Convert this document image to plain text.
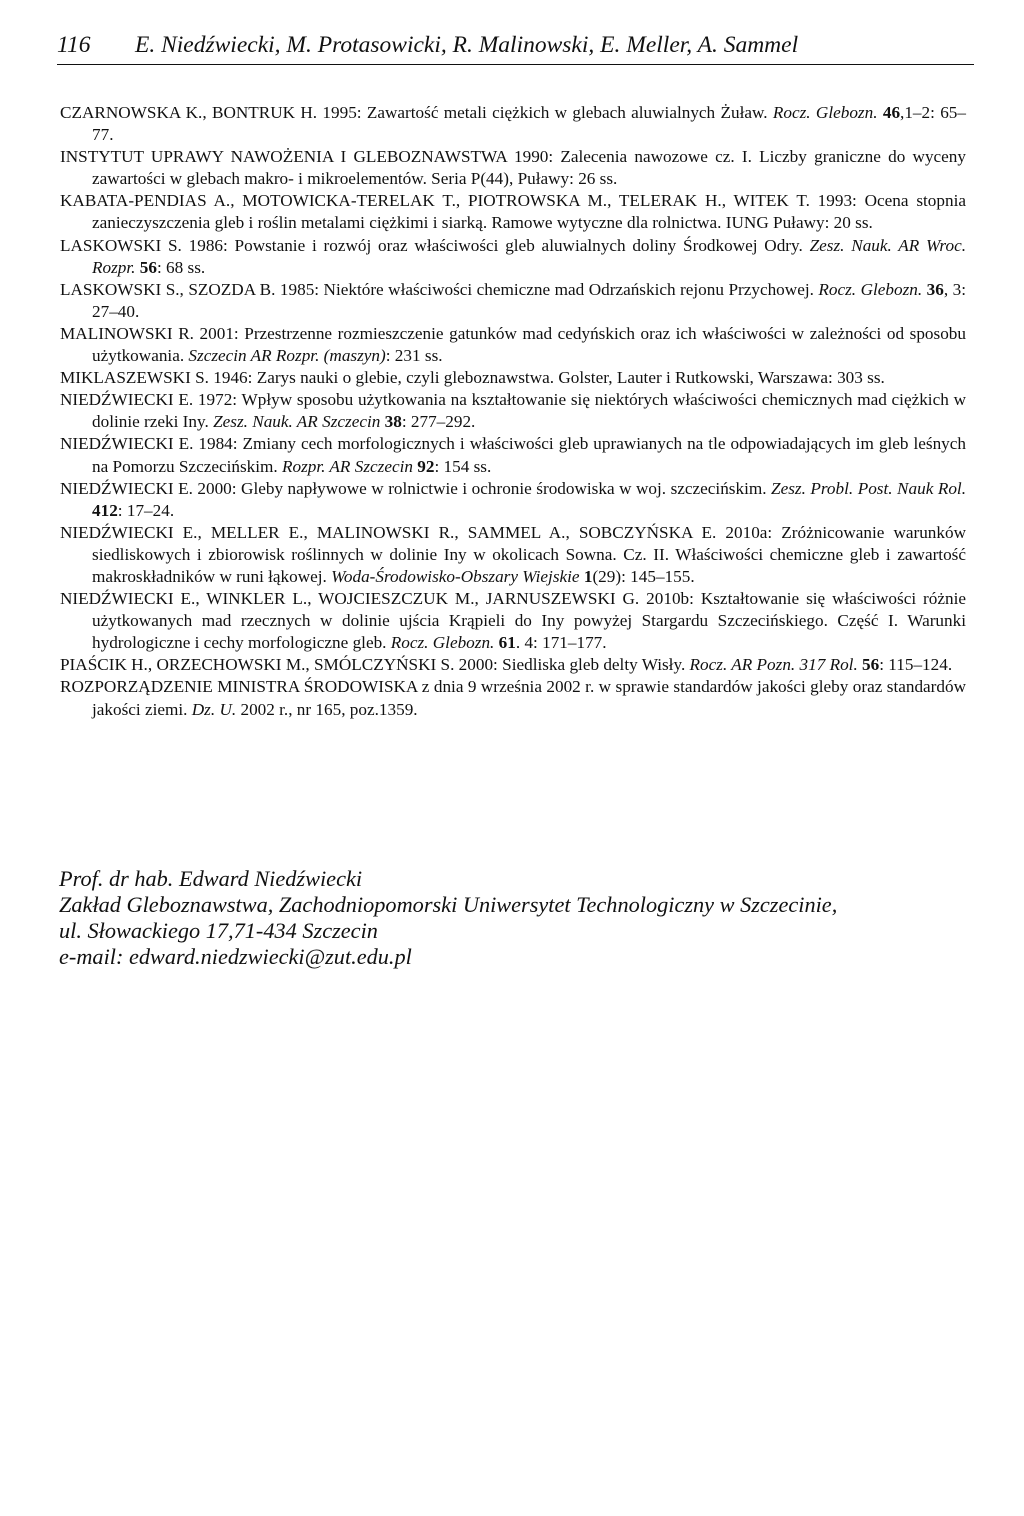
116 E. Niedźwiecki, M. Protasowicki, R. Malinowski, E. Meller, A. Sammel

CZARNOWSKA K., BONTRUK H. 1995: Zawartość metali ciężkich w glebach aluwialnych Żuław. Rocz. Glebozn. 46,1–2: 65–77.

INSTYTUT UPRAWY NAWOŻENIA I GLEBOZNAWSTWA 1990: Zalecenia nawozowe cz. I. Liczby graniczne do wyceny zawartości w glebach makro- i mikroelementów. Seria P(44), Puławy: 26 ss.

KABATA-PENDIAS A., MOTOWICKA-TERELAK T., PIOTROWSKA M., TELERAK H., WITEK T. 1993: Ocena stopnia zanieczyszczenia gleb i roślin metalami ciężkimi i siarką. Ramowe wytyczne dla rolnictwa. IUNG Puławy: 20 ss.

LASKOWSKI S. 1986: Powstanie i rozwój oraz właściwości gleb aluwialnych doliny Środkowej Odry. Zesz. Nauk. AR Wroc. Rozpr. 56: 68 ss.

LASKOWSKI S., SZOZDA B. 1985: Niektóre właściwości chemiczne mad Odrzańskich rejonu Przychowej. Rocz. Glebozn. 36, 3: 27–40.

MALINOWSKI R. 2001: Przestrzenne rozmieszczenie gatunków mad cedyńskich oraz ich właściwości w zależności od sposobu użytkowania. Szczecin AR Rozpr. (maszyn): 231 ss.

MIKLASZEWSKI S. 1946: Zarys nauki o glebie, czyli gleboznawstwa. Golster, Lauter i Rutkowski, Warszawa: 303 ss.

NIEDŹWIECKI E. 1972: Wpływ sposobu użytkowania na kształtowanie się niektórych właściwości chemicznych mad ciężkich w dolinie rzeki Iny. Zesz. Nauk. AR Szczecin 38: 277–292.

NIEDŹWIECKI E. 1984: Zmiany cech morfologicznych i właściwości gleb uprawianych na tle odpowiadających im gleb leśnych na Pomorzu Szczecińskim. Rozpr. AR Szczecin 92: 154 ss.

NIEDŹWIECKI E. 2000: Gleby napływowe w rolnictwie i ochronie środowiska w woj. szczecińskim. Zesz. Probl. Post. Nauk Rol. 412: 17–24.

NIEDŹWIECKI E., MELLER E., MALINOWSKI R., SAMMEL A., SOBCZYŃSKA E. 2010a: Zróżnicowanie warunków siedliskowych i zbiorowisk roślinnych w dolinie Iny w okolicach Sowna. Cz. II. Właściwości chemiczne gleb i zawartość makroskładników w runi łąkowej. Woda-Środowisko-Obszary Wiejskie 1(29): 145–155.

NIEDŹWIECKI E., WINKLER L., WOJCIESZCZUK M., JARNUSZEWSKI G. 2010b: Kształtowanie się właściwości różnie użytkowanych mad rzecznych w dolinie ujścia Krąpieli do Iny powyżej Stargardu Szczecińskiego. Część I. Warunki hydrologiczne i cechy morfologiczne gleb. Rocz. Glebozn. 61. 4: 171–177.

PIAŚCIK H., ORZECHOWSKI M., SMÓLCZYŃSKI S. 2000: Siedliska gleb delty Wisły. Rocz. AR Pozn. 317 Rol. 56: 115–124.

ROZPORZĄDZENIE MINISTRA ŚRODOWISKA z dnia 9 września 2002 r. w sprawie standardów jakości gleby oraz standardów jakości ziemi. Dz. U. 2002 r., nr 165, poz.1359.

Prof. dr hab. Edward Niedźwiecki
Zakład Gleboznawstwa, Zachodniopomorski Uniwersytet Technologiczny w Szczecinie,
ul. Słowackiego 17,71-434 Szczecin
e-mail: edward.niedzwiecki@zut.edu.pl
